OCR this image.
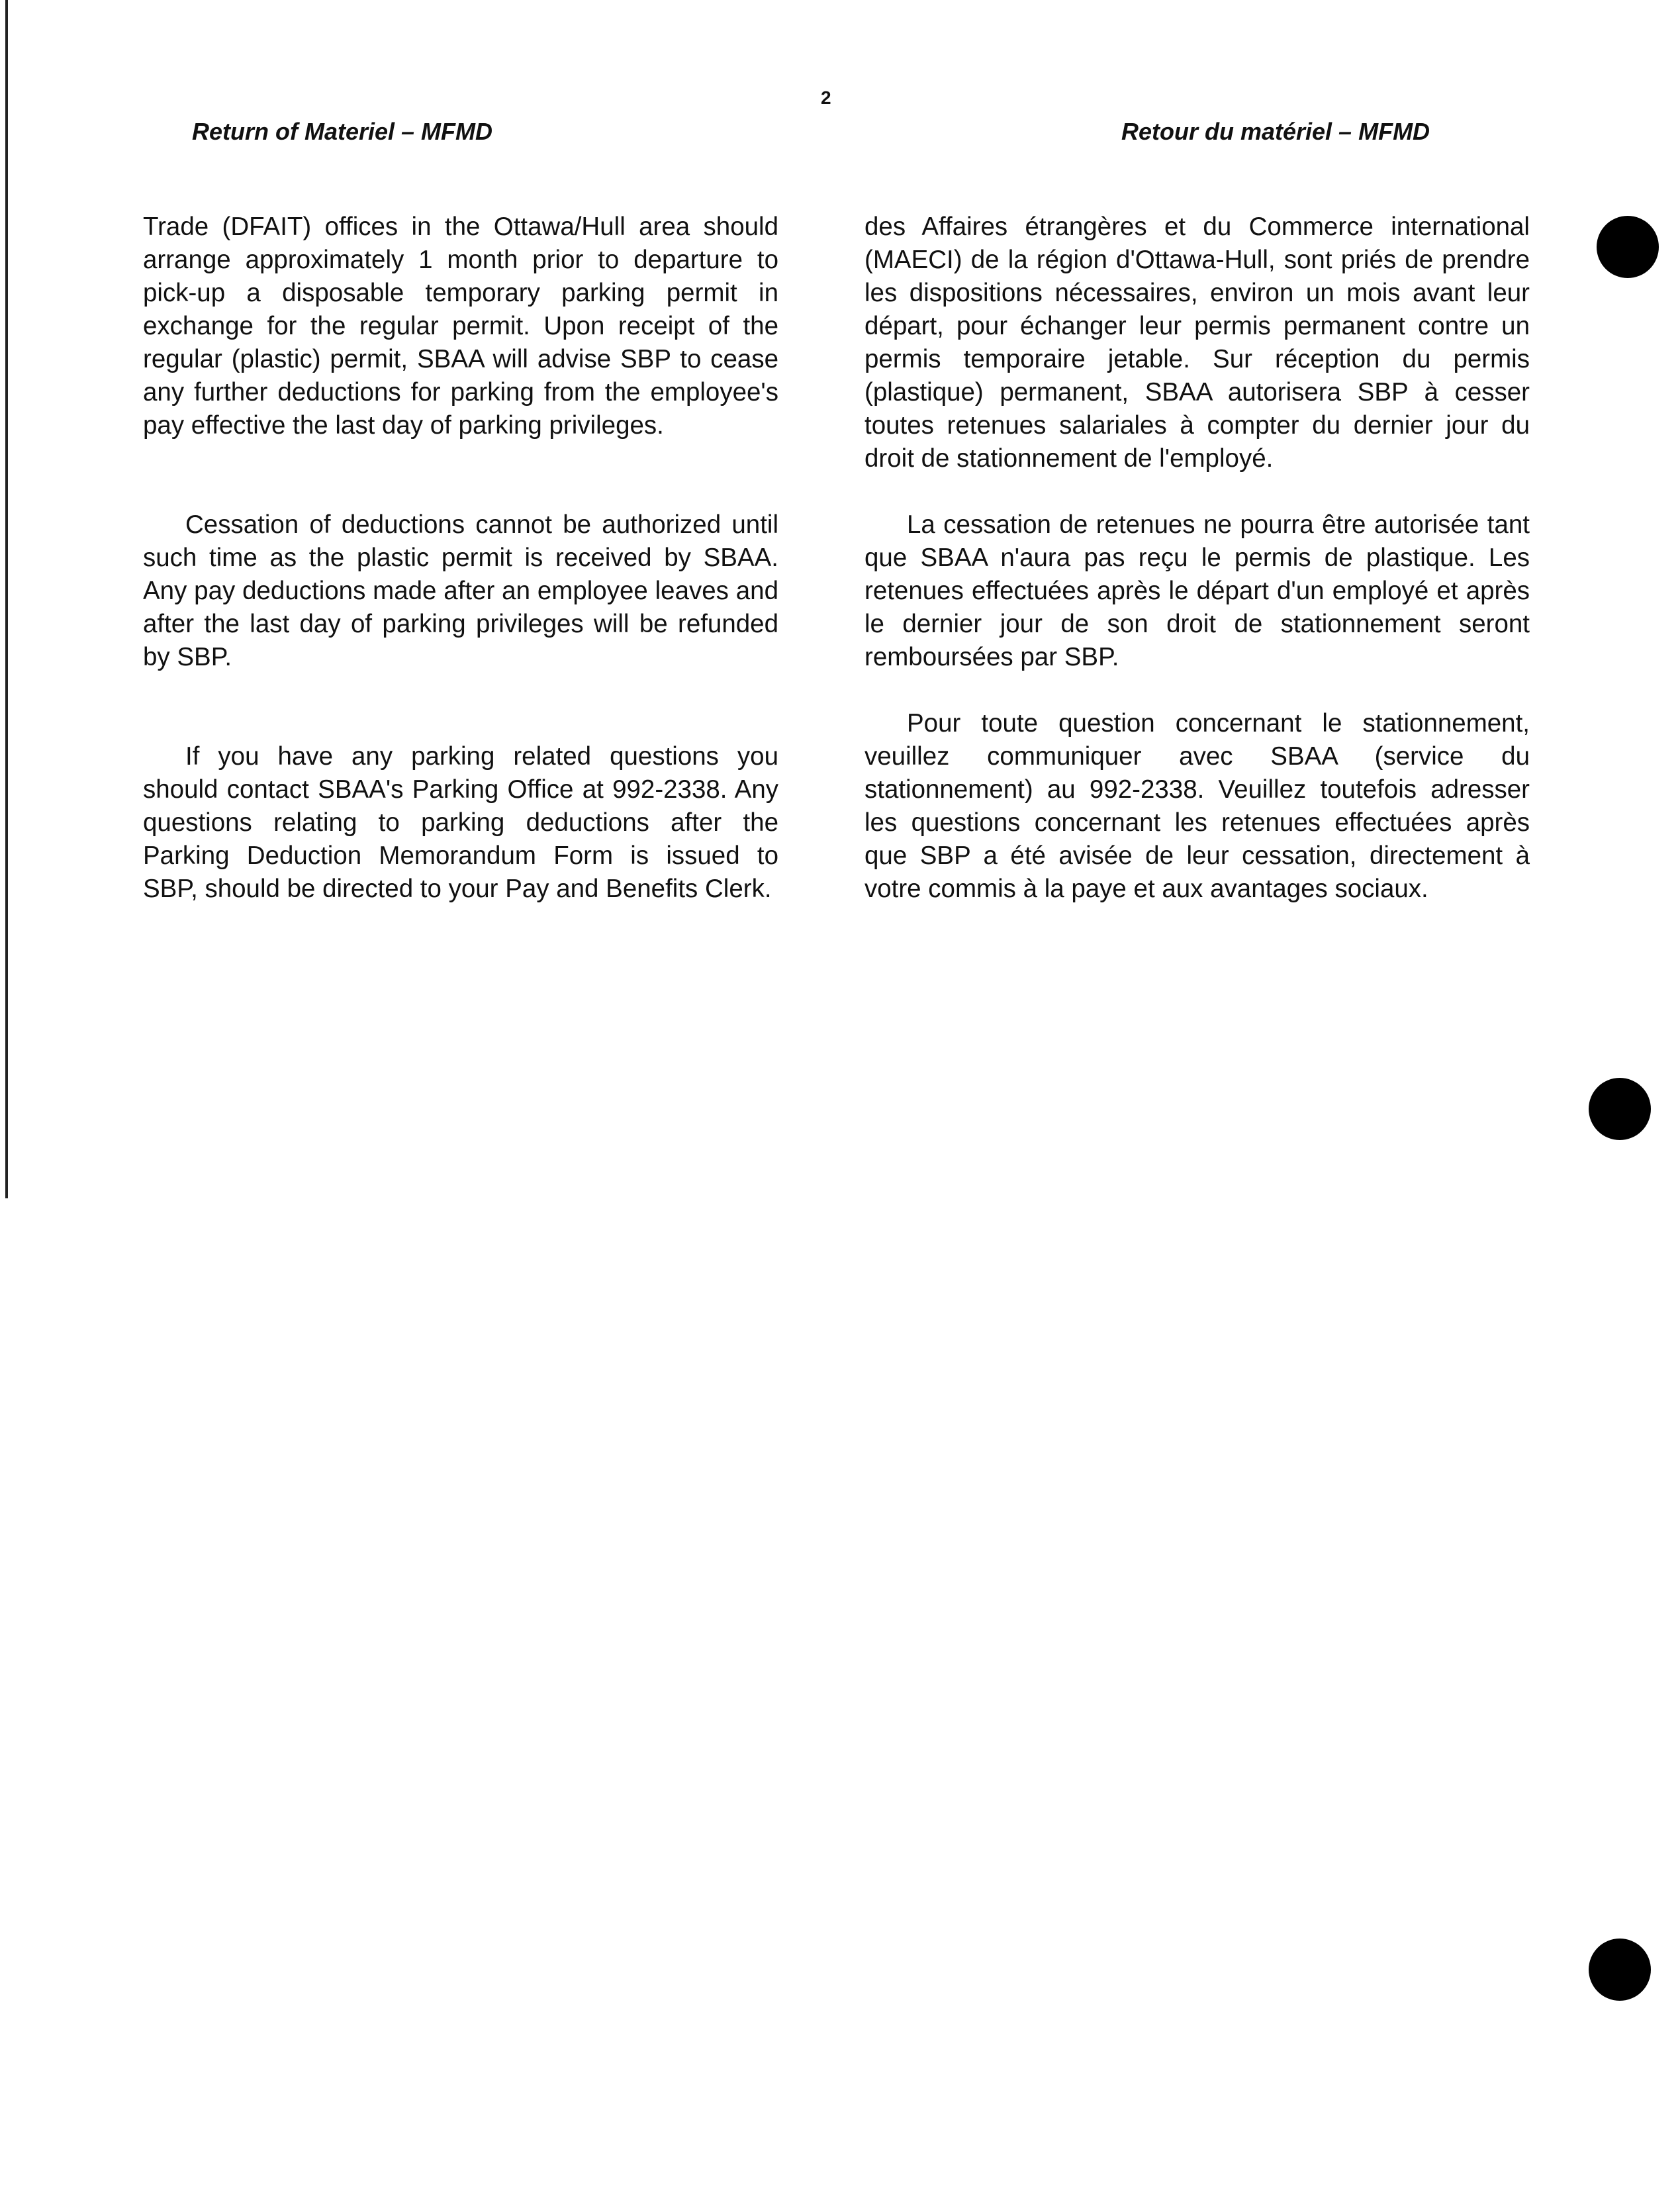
2
Return of Materiel – MFMD	Retour du matériel – MFMD

Trade (DFAIT) offices in the Ottawa/Hull area should arrange approximately 1 month prior to departure to pick-up a disposable temporary parking permit in exchange for the regular permit. Upon receipt of the regular (plastic) permit, SBAA will advise SBP to cease any further deductions for parking from the employee's pay effective the last day of parking privileges.

Cessation of deductions cannot be authorized until such time as the plastic permit is received by SBAA. Any pay deductions made after an employee leaves and after the last day of parking privileges will be refunded by SBP.

If you have any parking related questions you should contact SBAA's Parking Office at 992-2338. Any questions relating to parking deductions after the Parking Deduction Memorandum Form is issued to SBP, should be directed to your Pay and Benefits Clerk.

des Affaires étrangères et du Commerce international (MAECI) de la région d'Ottawa-Hull, sont priés de prendre les dispositions nécessaires, environ un mois avant leur départ, pour échanger leur permis permanent contre un permis temporaire jetable. Sur réception du permis (plastique) permanent, SBAA autorisera SBP à cesser toutes retenues salariales à compter du dernier jour du droit de stationnement de l'employé.

La cessation de retenues ne pourra être autorisée tant que SBAA n'aura pas reçu le permis de plastique. Les retenues effectuées après le départ d'un employé et après le dernier jour de son droit de stationnement seront remboursées par SBP.

Pour toute question concernant le stationnement, veuillez communiquer avec SBAA (service du stationnement) au 992-2338. Veuillez toutefois adresser les questions concernant les retenues effectuées après que SBP a été avisée de leur cessation, directement à votre commis à la paye et aux avantages sociaux.
